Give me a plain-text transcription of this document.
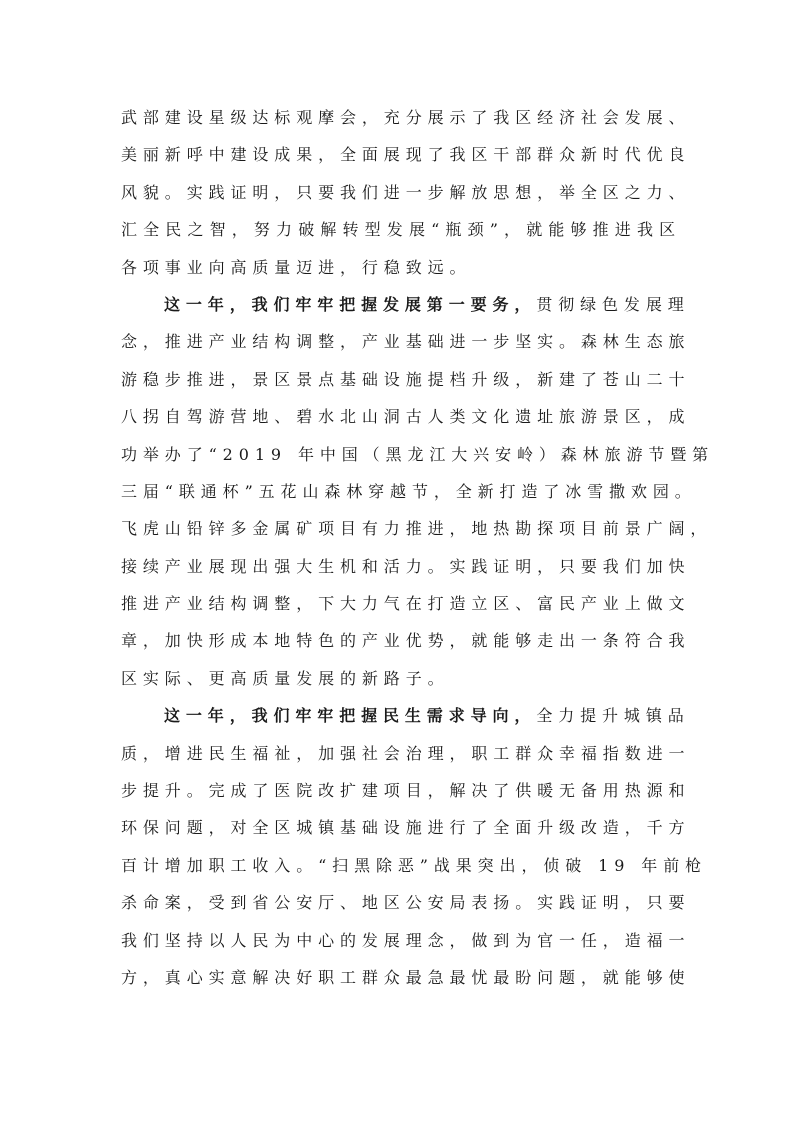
武部建设星级达标观摩会，充分展示了我区经济社会发展、
美丽新呼中建设成果，全面展现了我区干部群众新时代优良
风貌。实践证明，只要我们进一步解放思想，举全区之力、
汇全民之智，努力破解转型发展“瓶颈”，就能够推进我区
各项事业向高质量迈进，行稳致远。
这一年，我们牢牢把握发展第一要务，贯彻绿色发展理
念，推进产业结构调整，产业基础进一步坚实。森林生态旅
游稳步推进，景区景点基础设施提档升级，新建了苍山二十
八拐自驾游营地、碧水北山洞古人类文化遗址旅游景区，成
功举办了“2019 年中国（黑龙江大兴安岭）森林旅游节暨第
三届“联通杯”五花山森林穿越节，全新打造了冰雪撒欢园。
飞虎山铅锌多金属矿项目有力推进，地热勘探项目前景广阔，
接续产业展现出强大生机和活力。实践证明，只要我们加快
推进产业结构调整，下大力气在打造立区、富民产业上做文
章，加快形成本地特色的产业优势，就能够走出一条符合我
区实际、更高质量发展的新路子。
这一年，我们牢牢把握民生需求导向，全力提升城镇品
质，增进民生福祉，加强社会治理，职工群众幸福指数进一
步提升。完成了医院改扩建项目，解决了供暖无备用热源和
环保问题，对全区城镇基础设施进行了全面升级改造，千方
百计增加职工收入。“扫黑除恶”战果突出，侦破 19 年前枪
杀命案，受到省公安厅、地区公安局表扬。实践证明，只要
我们坚持以人民为中心的发展理念，做到为官一任，造福一
方，真心实意解决好职工群众最急最忧最盼问题，就能够使
